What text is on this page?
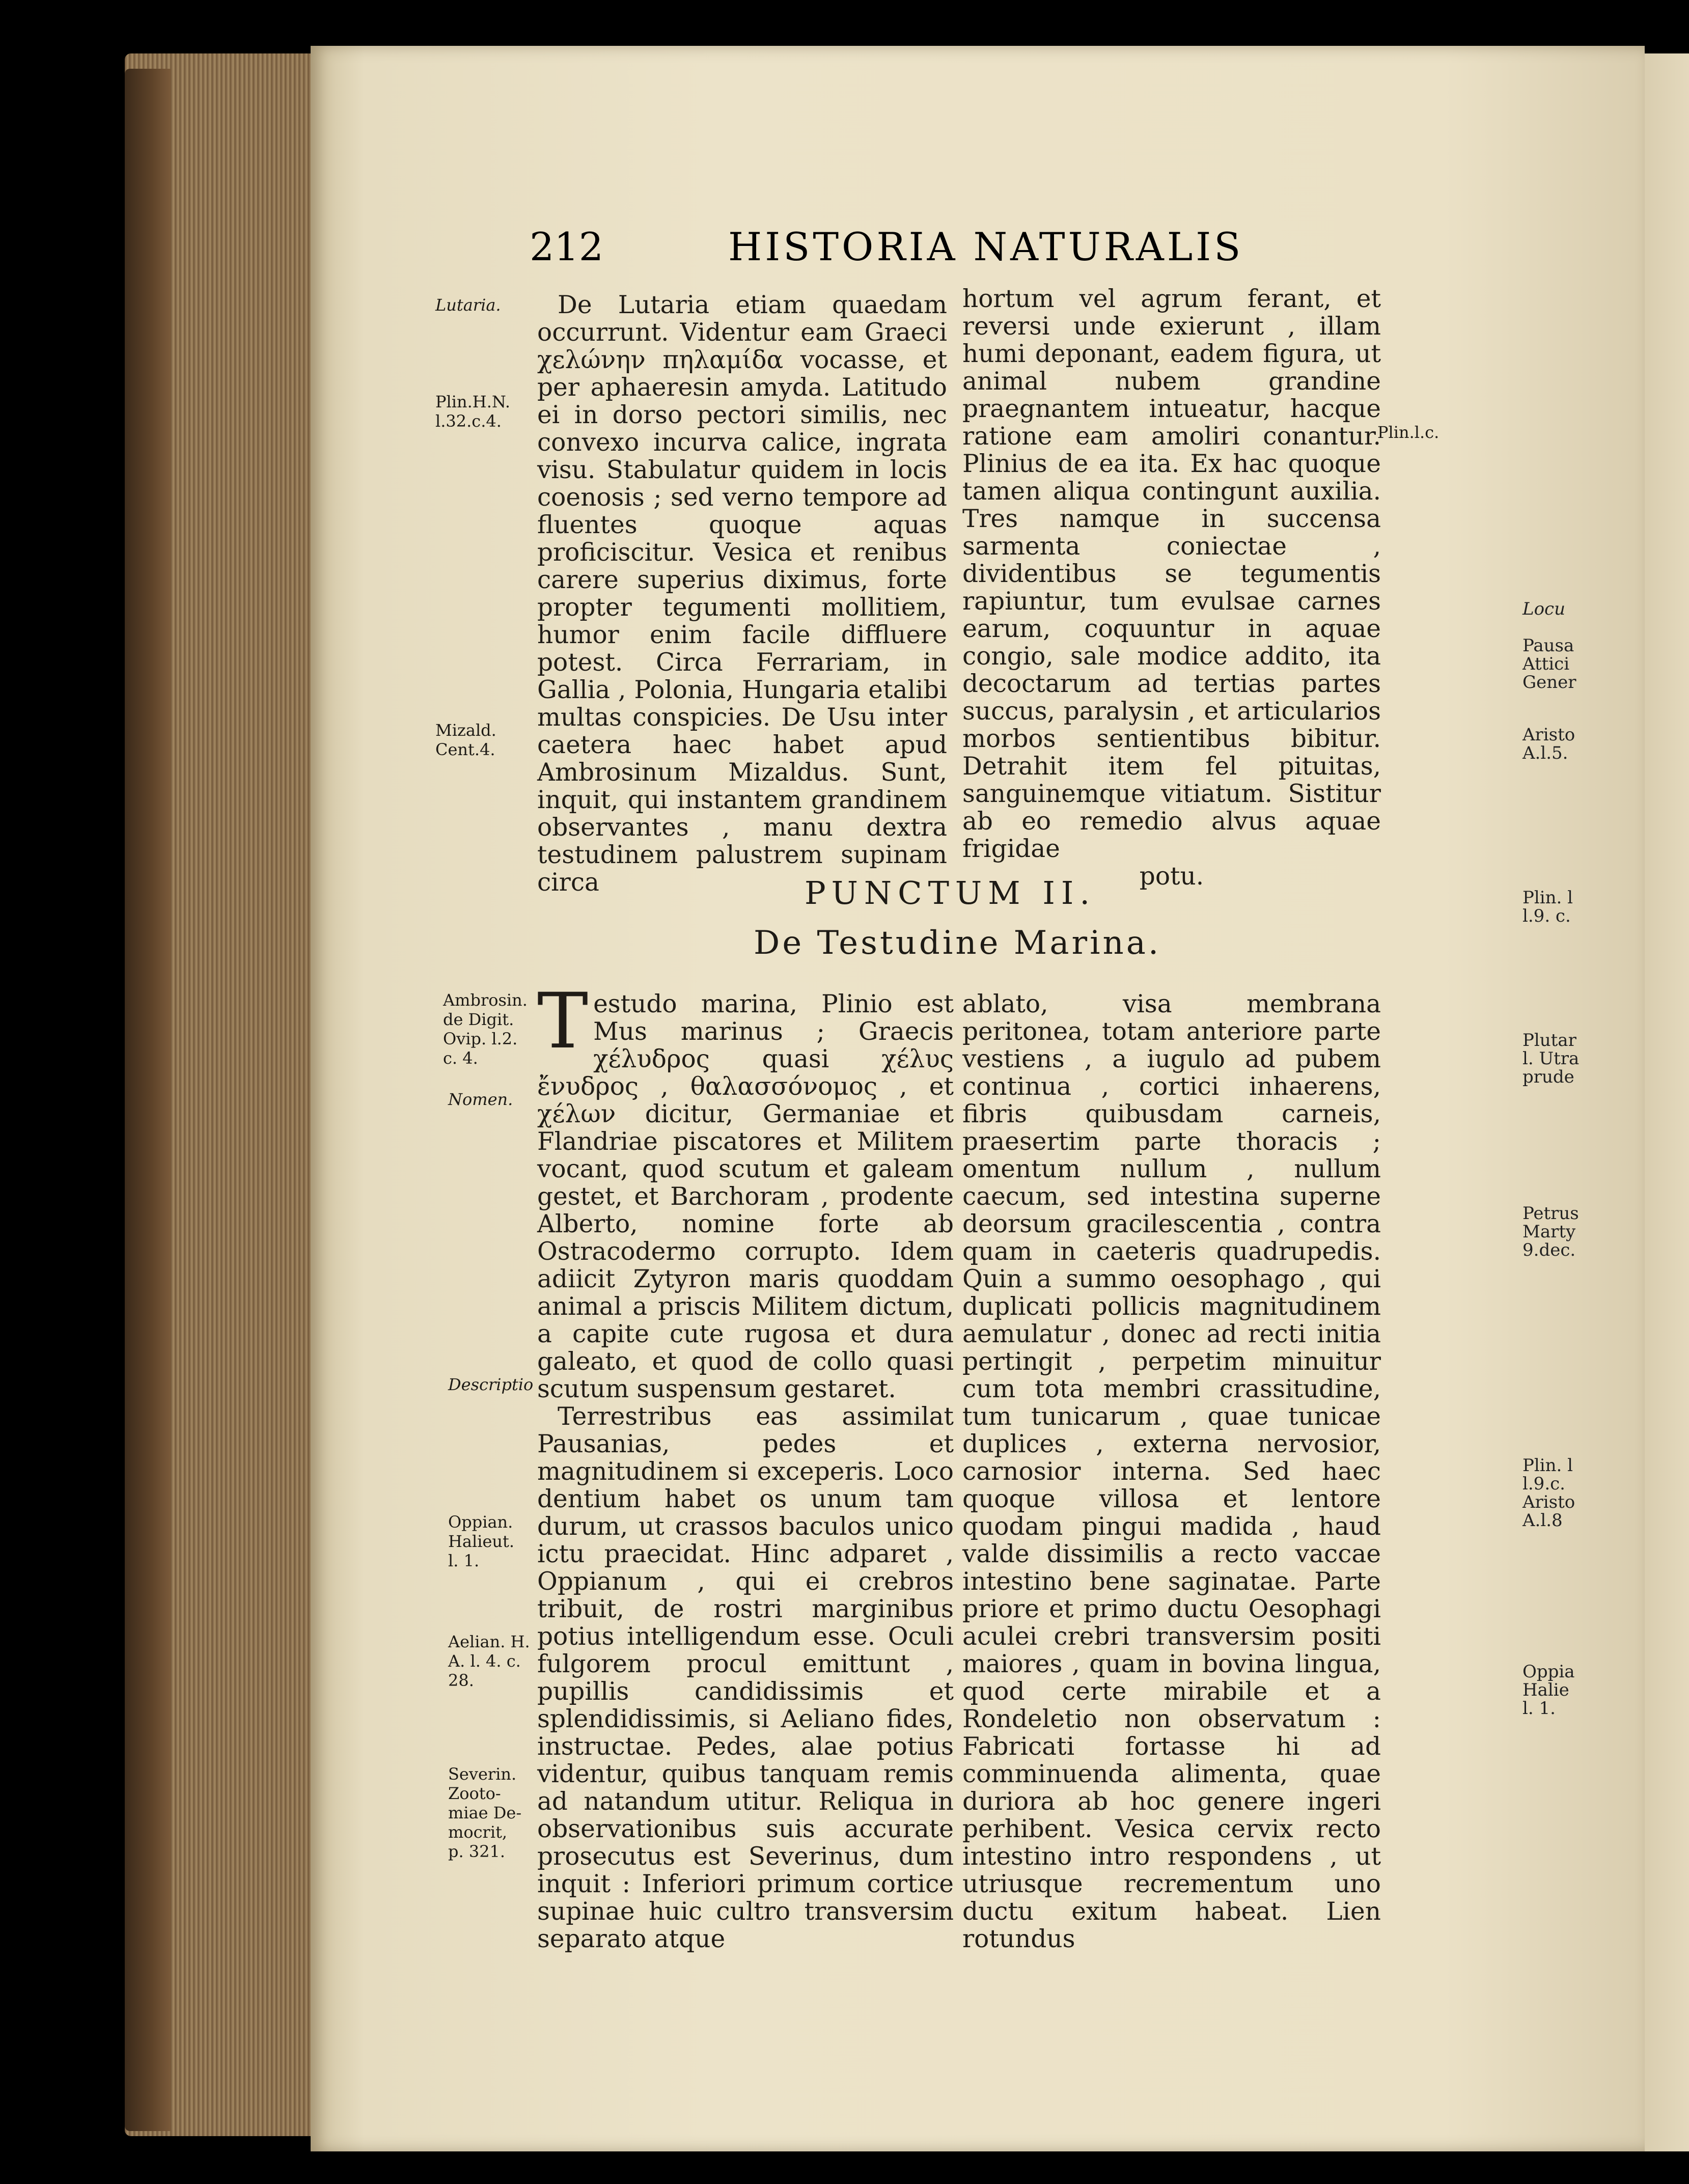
212	HISTORIA NATURALIS
Lutaria.
Plin.H.N.
l.32.c.4.
Mizald.
Cent.4.

De Lutaria etiam quaedam occurrunt. Videntur eam Graeci χελώνην πηλαμίδα vocasse, et per aphaeresin amyda. Latitudo ei in dorso pectori similis, nec convexo incurva calice, ingrata visu. Stabulatur quidem in locis coenosis ; sed verno tempore ad fluentes quoque aquas proficiscitur. Vesica et renibus carere superius diximus, forte propter tegumenti mollitiem, humor enim facile diffluere potest. Circa Ferrariam, in Gallia , Polonia, Hungaria etalibi multas conspicies. De Usu inter caetera haec habet apud Ambrosinum Mizaldus. Sunt, inquit, qui instantem grandinem observantes , manu dextra testudinem palustrem supinam circa

hortum vel agrum ferant, et reversi unde exierunt , illam humi deponant, eadem figura, ut animal nubem grandine praegnantem intueatur, hacque ratione eam amoliri conantur. Plinius de ea ita. Ex hac quoque tamen aliqua contingunt auxilia. Tres namque in succensa sarmenta coniectae , dividentibus se tegumentis rapiuntur, tum evulsae carnes earum, coquuntur in aquae congio, sale modice addito, ita decoctarum ad tertias partes succus, paralysin , et articularios morbos sentientibus bibitur. Detrahit item fel pituitas, sanguinemque vitiatum. Sistitur ab eo remedio alvus aquae frigidae

potu.

Plin.l.c.
PUNCTUM II.
De Testudine Marina.
Ambrosin.
de Digit.
Ovip. l.2.
c. 4.
Nomen.
Descriptio
Oppian.
Halieut.
l. 1.
Aelian. H.
A. l. 4. c.
28.
Severin.
Zooto-
miae De-
mocrit,
p. 321.

Testudo marina, Plinio est Mus marinus ; Graecis χέλυδρος quasi χέλυς ἔνυδρος , θαλασσόνομος , et χέλων dicitur, Germaniae et Flandriae piscatores et Militem vocant, quod scutum et galeam gestet, et Barchoram , prodente Alberto, nomine forte ab Ostracodermo corrupto. Idem adiicit Zytyron maris quoddam animal a priscis Militem dictum, a capite cute rugosa et dura galeato, et quod de collo quasi scutum suspensum gestaret.

Terrestribus eas assimilat Pausanias, pedes et magnitudinem si exceperis. Loco dentium habet os unum tam durum, ut crassos baculos unico ictu praecidat. Hinc adparet , Oppianum , qui ei crebros tribuit, de rostri marginibus potius intelligendum esse. Oculi fulgorem procul emittunt , pupillis candidissimis et splendidissimis, si Aeliano fides, instructae. Pedes, alae potius videntur, quibus tanquam remis ad natandum utitur. Reliqua in observationibus suis accurate prosecutus est Severinus, dum inquit : Inferiori primum cortice supinae huic cultro transversim separato atque

ablato, visa membrana peritonea, totam anteriore parte vestiens , a iugulo ad pubem continua , cortici inhaerens, fibris quibusdam carneis, praesertim parte thoracis ; omentum nullum , nullum caecum, sed intestina superne deorsum gracilescentia , contra quam in caeteris quadrupedis. Quin a summo oesophago , qui duplicati pollicis magnitudinem aemulatur , donec ad recti initia pertingit , perpetim minuitur cum tota membri crassitudine, tum tunicarum , quae tunicae duplices , externa nervosior, carnosior interna. Sed haec quoque villosa et lentore quodam pingui madida , haud valde dissimilis a recto vaccae intestino bene saginatae. Parte priore et primo ductu Oesophagi aculei crebri transversim positi maiores , quam in bovina lingua, quod certe mirabile et a Rondeletio non observatum : Fabricati fortasse hi ad comminuenda alimenta, quae duriora ab hoc genere ingeri perhibent. Vesica cervix recto intestino intro respondens , ut utriusque recrementum uno ductu exitum habeat. Lien rotundus

Locu
Pausa
Attici
Gener
Aristo
A.l.5.
Plin. l
l.9. c.
Plutar
l. Utra
prude
Petrus
Marty
9.dec.
Plin. l
l.9.c.
Aristo
A.l.8
Oppia
Halie
l. 1.
